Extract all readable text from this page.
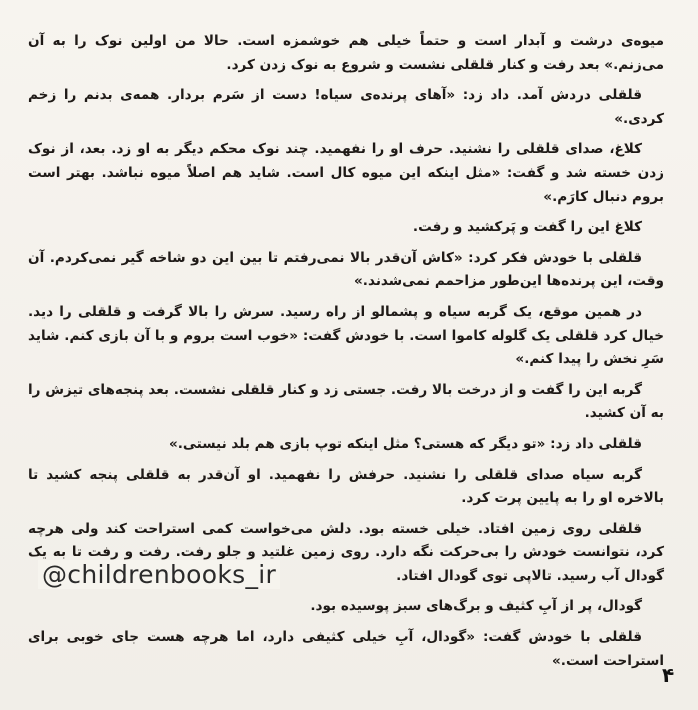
میوه‌ی درشت و آبدار است و حتماً خیلی هم خوشمزه است. حالا من اولین نوک را به آن می‌زنم.» بعد رفت و کنار قلقلی نشست و شروع به نوک زدن کرد.

قلقلی دردش آمد. داد زد: «آهای پرنده‌ی سیاه! دست از سَرم بردار. همه‌ی بدنم را زخم کردی.»

کلاغ، صدای قلقلی را نشنید. حرف او را نفهمید. چند نوک محکم دیگر به او زد. بعد، از نوک زدن خسته شد و گفت: «مثل اینکه این میوه کال است. شاید هم اصلاً میوه نباشد. بهتر است بروم دنبال کارَم.»

کلاغ این را گفت و پَرکشید و رفت.

قلقلی با خودش فکر کرد: «کاش آن‌قدر بالا نمی‌رفتم تا بین این دو شاخه گیر نمی‌کردم. آن وقت، این پرنده‌ها این‌طور مزاحمم نمی‌شدند.»

در همین موقع، یک گربه سیاه و پشمالو از راه رسید. سرش را بالا گرفت و قلقلی را دید. خیال کرد قلقلی یک گلوله کاموا است. با خودش گفت: «خوب است بروم و با آن بازی کنم. شاید سَرِ نخش را پیدا کنم.»

گربه این را گفت و از درخت بالا رفت. جستی زد و کنار قلقلی نشست. بعد پنجه‌های تیزش را به آن کشید.

قلقلی داد زد: «تو دیگر که هستی؟ مثل اینکه توپ بازی هم بلد نیستی.»

گربه سیاه صدای قلقلی را نشنید. حرفش را نفهمید. او آن‌قدر به قلقلی پنجه کشید تا بالاخره او را به پایین پرت کرد.

قلقلی روی زمین افتاد. خیلی خسته بود. دلش می‌خواست کمی استراحت کند ولی هرچه کرد، نتوانست خودش را بی‌حرکت نگه دارد. روی زمین غلتید و جلو رفت. رفت و رفت تا به یک گودال آب رسید. تالاپی توی گودال افتاد.

گودال، پر از آبِ کثیف و برگ‌های سبز پوسیده بود.

قلقلی با خودش گفت: «گودال، آبِ خیلی کثیفی دارد، اما هرچه هست جای خوبی برای استراحت است.»

@childrenbooks_ir
۴
